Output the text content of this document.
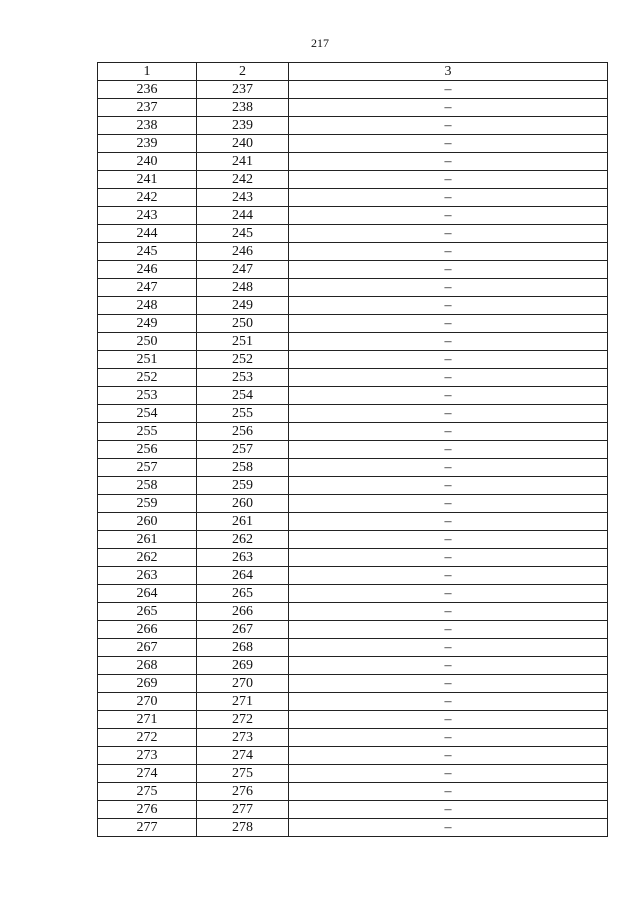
217
1	2	3
236	237	–
237	238	–
238	239	–
239	240	–
240	241	–
241	242	–
242	243	–
243	244	–
244	245	–
245	246	–
246	247	–
247	248	–
248	249	–
249	250	–
250	251	–
251	252	–
252	253	–
253	254	–
254	255	–
255	256	–
256	257	–
257	258	–
258	259	–
259	260	–
260	261	–
261	262	–
262	263	–
263	264	–
264	265	–
265	266	–
266	267	–
267	268	–
268	269	–
269	270	–
270	271	–
271	272	–
272	273	–
273	274	–
274	275	–
275	276	–
276	277	–
277	278	–
